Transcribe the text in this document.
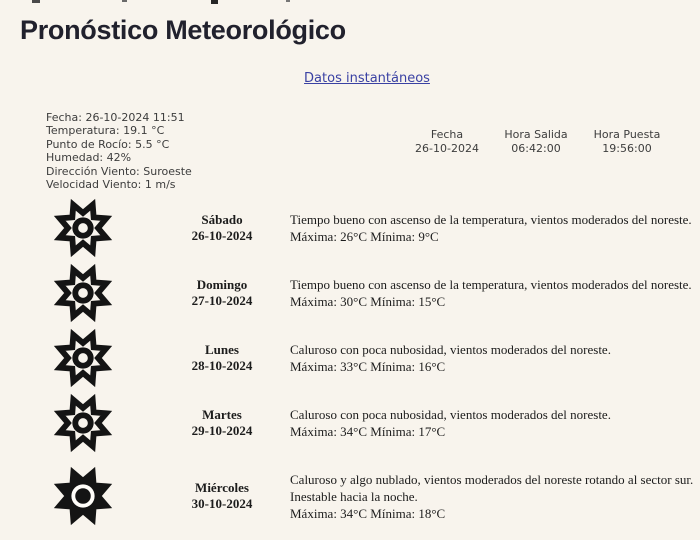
Pronóstico Meteorológico
Datos instantáneos
Fecha: 26-10-2024 11:51
Temperatura: 19.1 °C
Punto de Rocío: 5.5 °C
Humedad: 42%
Dirección Viento: Suroeste
Velocidad Viento: 1 m/s
Fecha
26-10-2024
Hora Salida
06:42:00
Hora Puesta
19:56:00
Sábado
26-10-2024
Tiempo bueno con ascenso de la temperatura, vientos moderados del noreste.
Máxima: 26°C Mínima: 9°C
Domingo
27-10-2024
Tiempo bueno con ascenso de la temperatura, vientos moderados del noreste.
Máxima: 30°C Mínima: 15°C
Lunes
28-10-2024
Caluroso con poca nubosidad, vientos moderados del noreste.
Máxima: 33°C Mínima: 16°C
Martes
29-10-2024
Caluroso con poca nubosidad, vientos moderados del noreste.
Máxima: 34°C Mínima: 17°C
Miércoles
30-10-2024
Caluroso y algo nublado, vientos moderados del noreste rotando al sector sur.
Inestable hacia la noche.
Máxima: 34°C Mínima: 18°C
